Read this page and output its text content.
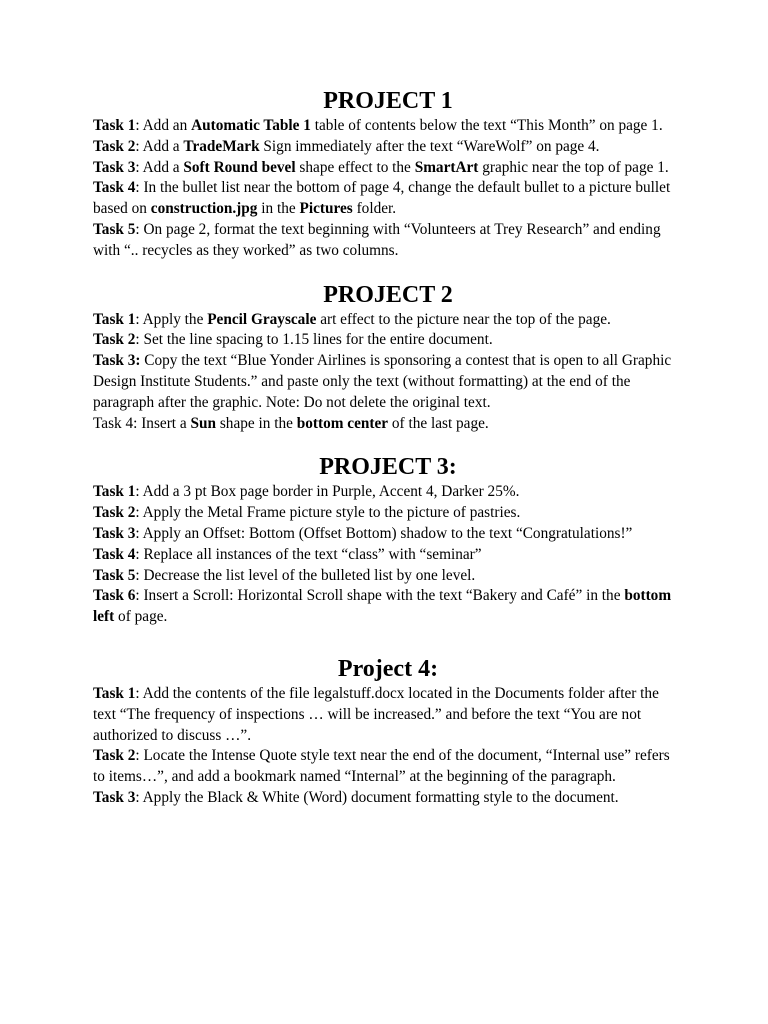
PROJECT 1

Task 1: Add an Automatic Table 1 table of contents below the text “This Month” on page 1.

Task 2: Add a TradeMark Sign immediately after the text “WareWolf” on page 4.

Task 3: Add a Soft Round bevel shape effect to the SmartArt graphic near the top of page 1.

Task 4: In the bullet list near the bottom of page 4, change the default bullet to a picture bullet based on construction.jpg in the Pictures folder.

Task 5: On page 2, format the text beginning with “Volunteers at Trey Research” and ending with “.. recycles as they worked” as two columns.

PROJECT 2

Task 1: Apply the Pencil Grayscale art effect to the picture near the top of the page.

Task 2: Set the line spacing to 1.15 lines for the entire document.

Task 3: Copy the text “Blue Yonder Airlines is sponsoring a contest that is open to all Graphic Design Institute Students.” and paste only the text (without formatting) at the end of the paragraph after the graphic. Note: Do not delete the original text.

Task 4: Insert a Sun shape in the bottom center of the last page.

PROJECT 3:

Task 1: Add a 3 pt Box page border in Purple, Accent 4, Darker 25%.

Task 2: Apply the Metal Frame picture style to the picture of pastries.

Task 3: Apply an Offset: Bottom (Offset Bottom) shadow to the text “Congratulations!”

Task 4: Replace all instances of the text “class” with “seminar”

Task 5: Decrease the list level of the bulleted list by one level.

Task 6: Insert a Scroll: Horizontal Scroll shape with the text “Bakery and Café” in the bottom left of page.

Project 4:

Task 1: Add the contents of the file legalstuff.docx located in the Documents folder after the text “The frequency of inspections … will be increased.” and before the text “You are not authorized to discuss …”.

Task 2: Locate the Intense Quote style text near the end of the document, “Internal use” refers to items…”, and add a bookmark named “Internal” at the beginning of the paragraph.

Task 3: Apply the Black & White (Word) document formatting style to the document.
